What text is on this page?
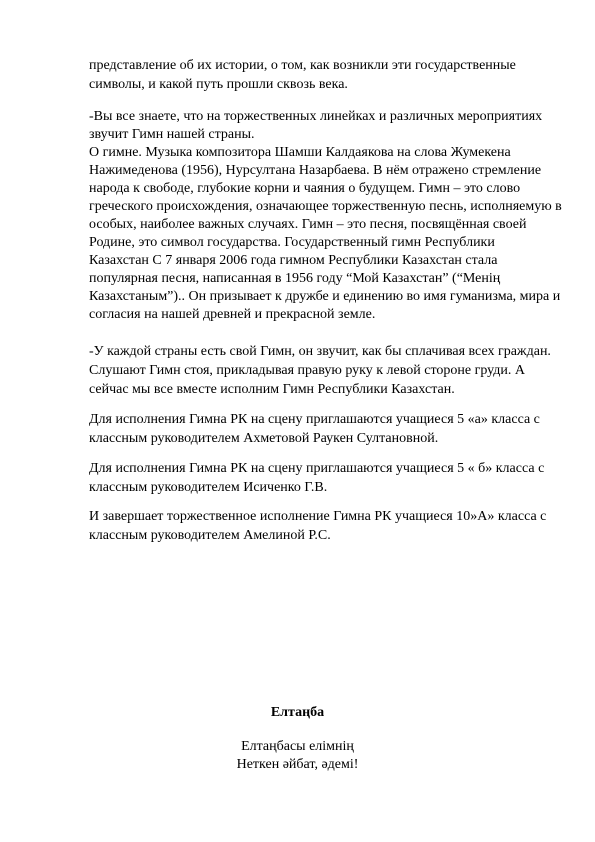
представление об их истории, о том, как возникли эти государственные

символы, и какой путь прошли сквозь века.

-Вы все знаете, что на торжественных линейках и различных мероприятиях

звучит Гимн нашей страны.

О гимне. Музыка композитора Шамши Калдаякова на слова Жумекена

Нажимеденова (1956), Нурсултана Назарбаева. В нём отражено стремление

народа к свободе, глубокие корни и чаяния о будущем. Гимн – это слово

греческого происхождения, означающее торжественную песнь, исполняемую в

особых, наиболее важных случаях. Гимн – это песня, посвящённая своей

Родине, это символ государства. Государственный гимн Республики

Казахстан С 7 января 2006 года гимном Республики Казахстан стала

популярная песня, написанная в 1956 году “Мой Казахстан” (“Менің

Казахстаным”).. Он призывает к дружбе и единению во имя гуманизма, мира и

согласия на нашей древней и прекрасной земле.

-У каждой страны есть свой Гимн, он звучит, как бы сплачивая всех граждан.

Слушают Гимн стоя, прикладывая правую руку к левой стороне груди. А

сейчас мы все вместе исполним Гимн Республики Казахстан.

Для исполнения Гимна РК на сцену приглашаются учащиеся 5 «а» класса с

классным руководителем Ахметовой Раукен Султановной.

Для исполнения Гимна РК на сцену приглашаются учащиеся 5 « б» класса с

классным руководителем Исиченко Г.В.

И завершает торжественное исполнение Гимна РК учащиеся 10»А» класса с

классным руководителем Амелиной Р.С.

Елтаңба

Елтаңбасы елімнің

Неткен әйбат, әдемі!
